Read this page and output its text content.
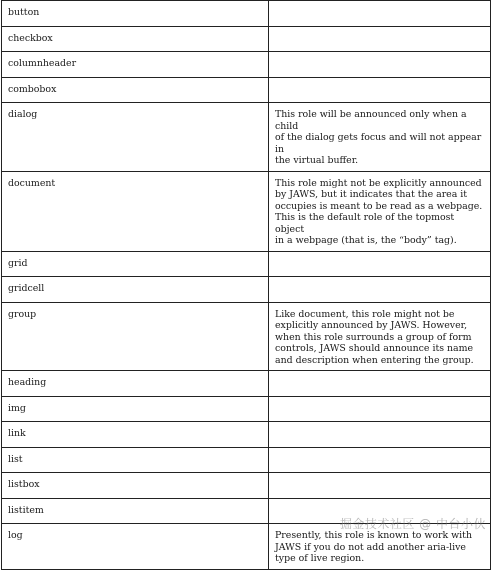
button	

checkbox	

columnheader	

combobox	

dialog	This role will be announced only when a child
of the dialog gets focus and will not appear in
the virtual buffer.

document	This role might not be explicitly announced
by JAWS, but it indicates that the area it
occupies is meant to be read as a webpage.
This is the default role of the topmost object
in a webpage (that is, the “body” tag).

grid	

gridcell	

group	Like document, this role might not be
explicitly announced by JAWS. However,
when this role surrounds a group of form
controls, JAWS should announce its name
and description when entering the group.

heading	

img	

link	

list	

listbox	

listitem	

log	Presently, this role is known to work with
JAWS if you do not add another aria-live
type of live region.
掘金技术社区 @ 中台小伙
